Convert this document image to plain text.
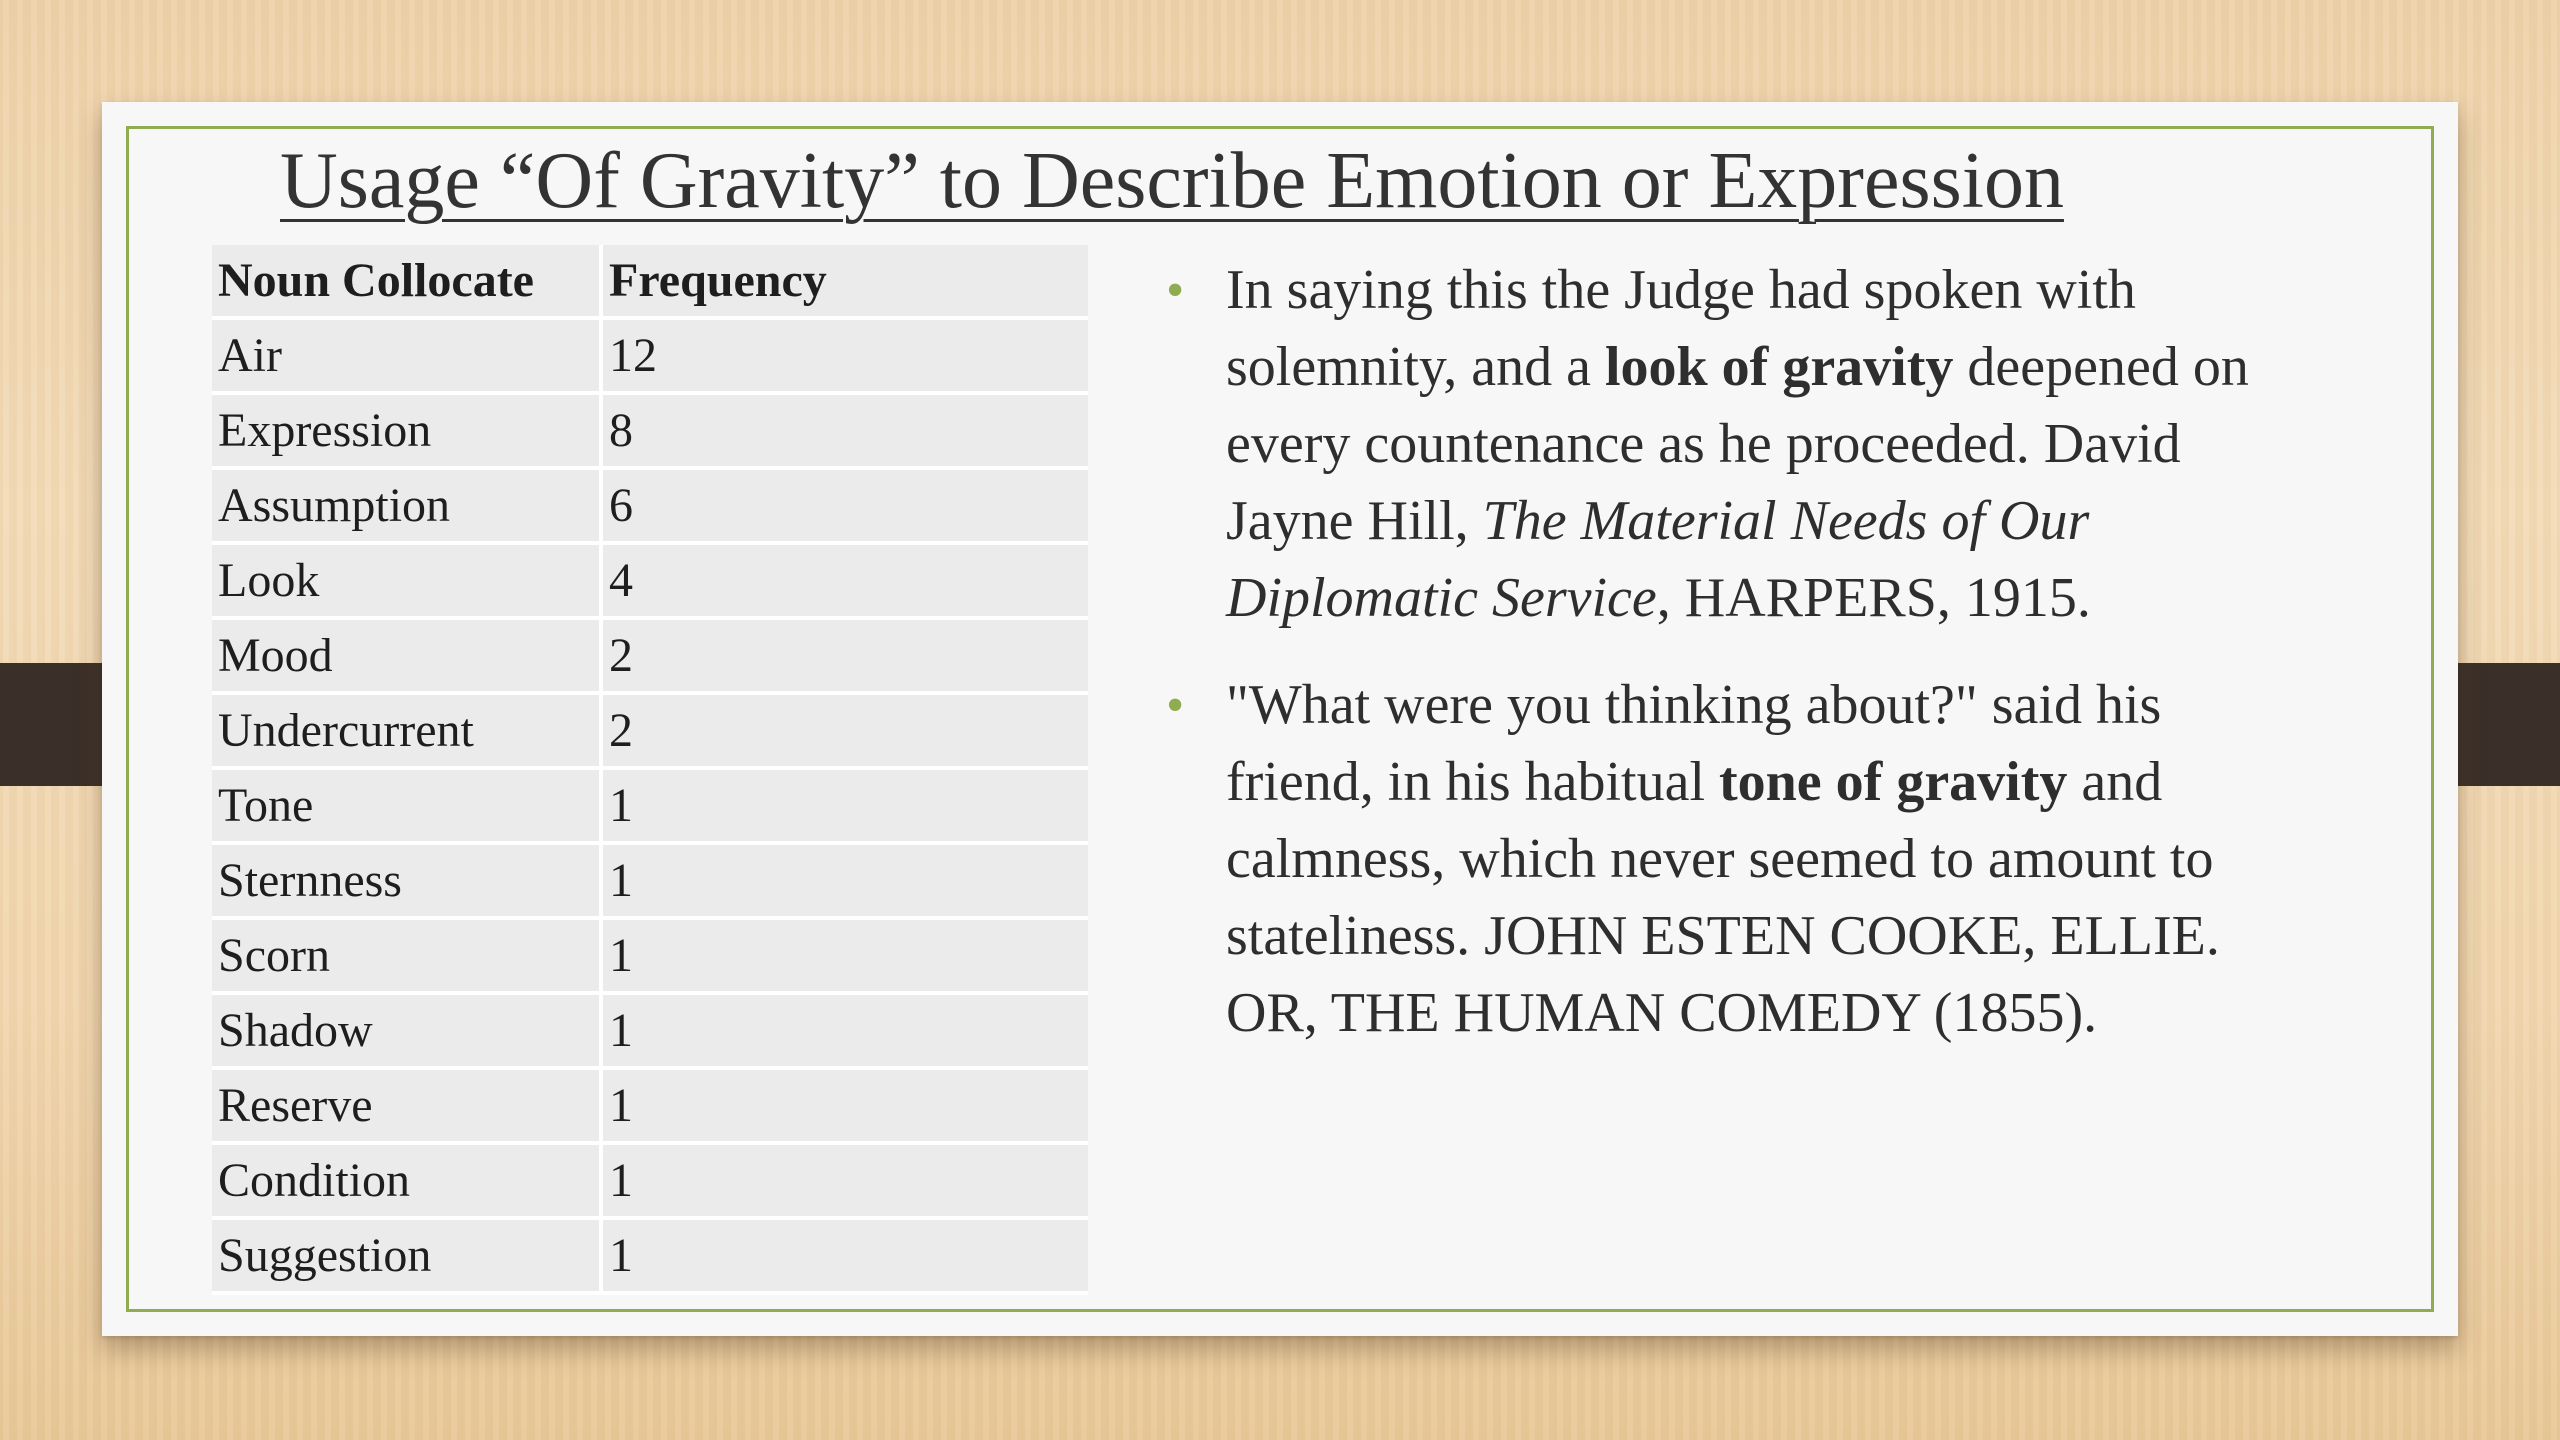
Usage “Of Gravity” to Describe Emotion or Expression
Noun Collocate	Frequency
Air	12
Expression	8
Assumption	6
Look	4
Mood	2
Undercurrent	2
Tone	1
Sternness	1
Scorn	1
Shadow	1
Reserve	1
Condition	1
Suggestion	1
• In saying this the Judge had spoken with solemnity, and a look of gravity deepened on every countenance as he proceeded. David Jayne Hill, The Material Needs of Our Diplomatic Service, HARPERS, 1915.
• "What were you thinking about?" said his friend, in his habitual tone of gravity and calmness, which never seemed to amount to stateliness. JOHN ESTEN COOKE, ELLIE. OR, THE HUMAN COMEDY (1855).
